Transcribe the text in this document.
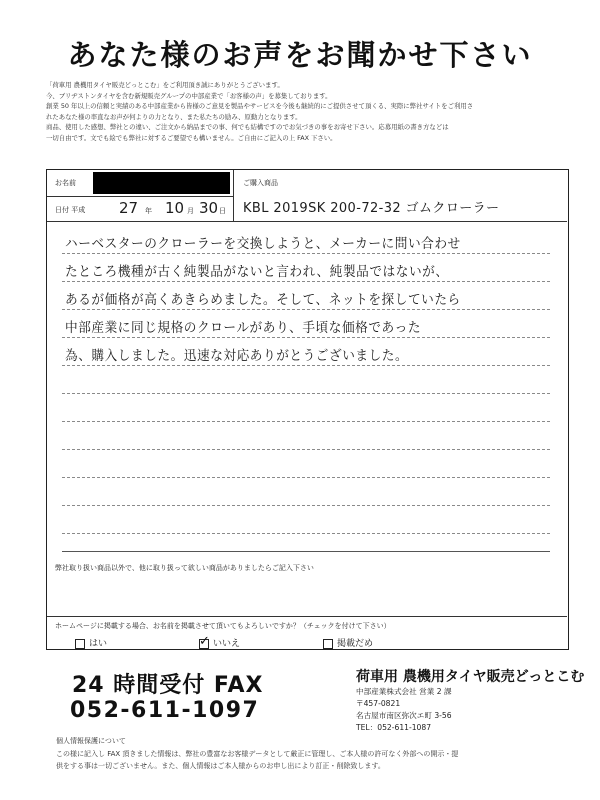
あなた様のお声をお聞かせ下さい
「荷車用 農機用タイヤ販売どっとこむ」をご利用頂き誠にありがとうございます。
今、ブリヂストンタイヤを含む新規販売グループの中部産業で「お客様の声」を募集しております。
創業 50 年以上の信頼と実績のある中部産業から皆様のご意見を製品やサービスを今後も継続的にご提供させて頂くる、実際に弊社サイトをご利用さ
れたあなた様の率直なお声が何よりの力となり、また私たちの励み、原動力となります。
商品、使用した感想、弊社との違い、ご注文から納品までの事、何でも結構ですのでお気づきの事をお寄せ下さい。応募用紙の書き方などは
一切自由です。文でも絵でも弊社に対するご要望でも構いません。ご自由にご記入の上 FAX 下さい。
お名前
日付 平成 27 年 10 月 30 日
ご購入商品
KBL 2019SK 200-72-32 ゴムクローラー
ハーベスターのクローラーを交換しようと、メーカーに問い合わせ
たところ機種が古く純製品がないと言われ、純製品ではないが、
あるが価格が高くあきらめました。そして、ネットを探していたら
中部産業に同じ規格のクロールがあり、手頃な価格であった
為、購入しました。迅速な対応ありがとうございました。
弊社取り扱い商品以外で、他に取り扱って欲しい商品がありましたらご記入下さい
ホームページに掲載する場合、お名前を掲載させて頂いてもよろしいですか？（チェックを付けて下さい）
はい	✓ いいえ	掲載だめ
24 時間受付 FAX
052-611-1097
荷車用 農機用タイヤ販売どっとこむ
中部産業株式会社 営業 2 課
〒457-0821
名古屋市南区弥次エ町 3-56
TEL：052-611-1087
個人情報保護について
この様に記入し FAX 頂きました情報は、弊社の豊富なお客様データとして厳正に管理し、ご本人様の許可なく外部への開示・提
供をする事は一切ございません。また、個人情報はご本人様からのお申し出により訂正・削除致します。
